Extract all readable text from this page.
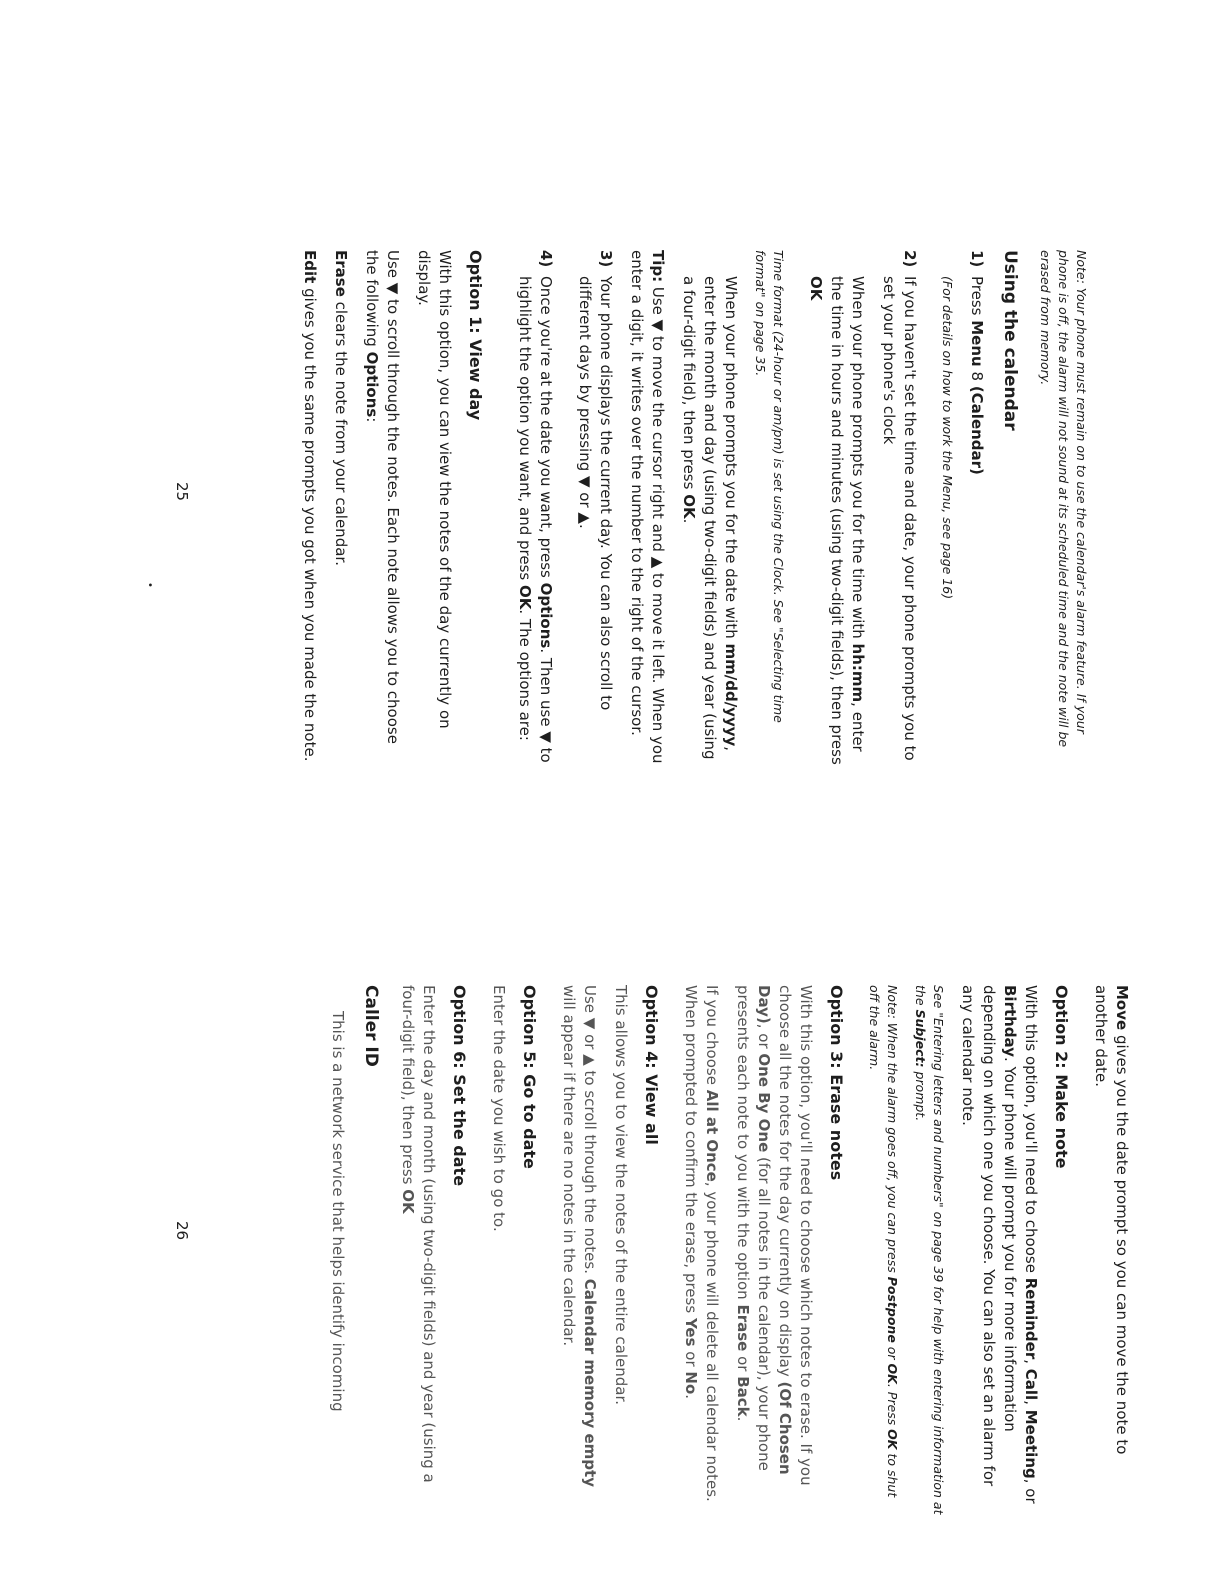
Note: Your phone must remain on to use the calendar's alarm feature. If your phone is off, the alarm will not sound at its scheduled time and the note will be erased from memory.

Using the calendar
1)

Press Menu 8 (Calendar)

(For details on how to work the Menu, see page 16)

2)

If you haven't set the time and date, your phone prompts you to set your phone's clock

When your phone prompts you for the time with hh:mm, enter the time in hours and minutes (using two-digit fields), then press OK

Time format (24-hour or am/pm) is set using the Clock. See "Selecting time format" on page 35.

When your phone prompts you for the date with mm/dd/yyyy, enter the month and day (using two-digit fields) and year (using a four-digit field), then press OK.

Tip: Use ▼ to move the cursor right and ▲ to move it left. When you enter a digit, it writes over the number to the right of the cursor.

3)

Your phone displays the current day. You can also scroll to different days by pressing ▼ or ▲.

4)

Once you're at the date you want, press Options. Then use ▼ to highlight the option you want, and press OK. The options are:

Option 1: View day

With this option, you can view the notes of the day currently on display.

Use ▼ to scroll through the notes. Each note allows you to choose the following Options:

Erase clears the note from your calendar.

Edit gives you the same prompts you got when you made the note.

25
•

Move gives you the date prompt so you can move the note to another date.

Option 2: Make note

With this option, you'll need to choose Reminder, Call, Meeting, or Birthday. Your phone will prompt you for more information depending on which one you choose. You can also set an alarm for any calendar note.

See "Entering letters and numbers" on page 39 for help with entering information at the Subject: prompt.

Note: When the alarm goes off, you can press Postpone or OK. Press OK to shut off the alarm.

Option 3: Erase notes

With this option, you'll need to choose which notes to erase. If you choose all the notes for the day currently on display (Of Chosen Day), or One By One (for all notes in the calendar), your phone presents each note to you with the option Erase or Back.

If you choose All at Once, your phone will delete all calendar notes. When prompted to confirm the erase, press Yes or No.

Option 4: View all

This allows you to view the notes of the entire calendar.

Use ▼ or ▲ to scroll through the notes. Calendar memory empty will appear if there are no notes in the calendar.

Option 5: Go to date

Enter the date you wish to go to.

Option 6: Set the date

Enter the day and month (using two-digit fields) and year (using a four-digit field), then press OK

Caller ID

This is a network service that helps identify incoming

26
